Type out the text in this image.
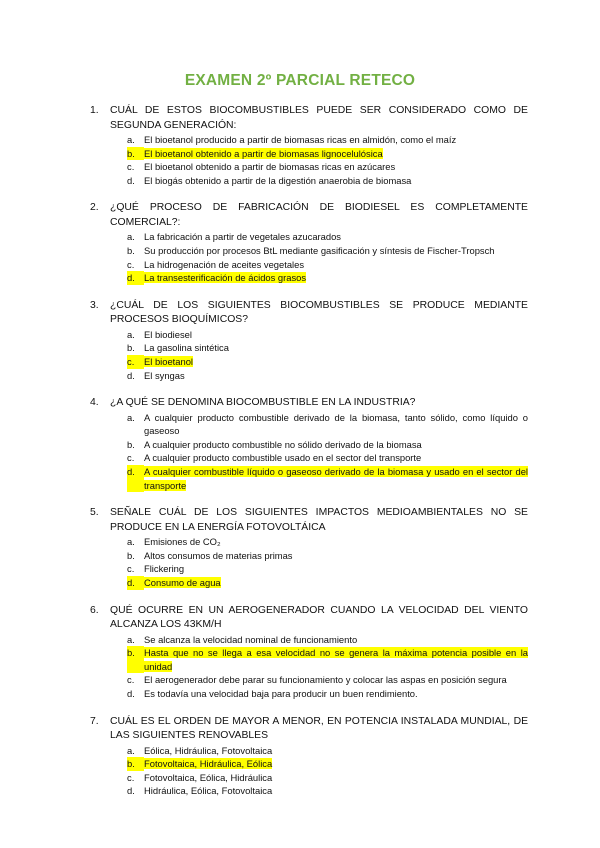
EXAMEN 2º PARCIAL RETECO
1.	CUÁL DE ESTOS BIOCOMBUSTIBLES PUEDE SER CONSIDERADO COMO DE SEGUNDA GENERACIÓN:
a. El bioetanol producido a partir de biomasas ricas en almidón, como el maíz
b. El bioetanol obtenido a partir de biomasas lignocelulósica
c.	El bioetanol obtenido a partir de biomasas ricas en azúcares
d. El biogás obtenido a partir de la digestión anaerobia de biomasa
2.	¿QUÉ PROCESO DE FABRICACIÓN DE BIODIESEL ES COMPLETAMENTE COMERCIAL?:
a. La fabricación a partir de vegetales azucarados
b. Su producción por procesos BtL mediante gasificación y síntesis de Fischer-Tropsch
c.	La hidrogenación de aceites vegetales
d. La transesterificación de ácidos grasos
3.	¿CUÁL DE LOS SIGUIENTES BIOCOMBUSTIBLES SE PRODUCE MEDIANTE PROCESOS BIOQUÍMICOS?
a. El biodiesel
b. La gasolina sintética
c.	El bioetanol
d. El syngas
4.	¿A QUÉ SE DENOMINA BIOCOMBUSTIBLE EN LA INDUSTRIA?
a. A cualquier producto combustible derivado de la biomasa, tanto sólido, como líquido o gaseoso
b. A cualquier producto combustible no sólido derivado de la biomasa
c.	A cualquier producto combustible usado en el sector del transporte
d. A cualquier combustible líquido o gaseoso derivado de la biomasa y usado en el sector del transporte
5.	SEÑALE CUÁL DE LOS SIGUIENTES IMPACTOS MEDIOAMBIENTALES NO SE PRODUCE EN LA ENERGÍA FOTOVOLTÁICA
a. Emisiones de CO₂
b. Altos consumos de materias primas
c.	Flickering
d. Consumo de agua
6.	QUÉ OCURRE EN UN AEROGENERADOR CUANDO LA VELOCIDAD DEL VIENTO ALCANZA LOS 43KM/H
a. Se alcanza la velocidad nominal de funcionamiento
b. Hasta que no se llega a esa velocidad no se genera la máxima potencia posible en la unidad
c.	El aerogenerador debe parar su funcionamiento y colocar las aspas en posición segura
d. Es todavía una velocidad baja para producir un buen rendimiento.
7.	CUÁL ES EL ORDEN DE MAYOR A MENOR, EN POTENCIA INSTALADA MUNDIAL, DE LAS SIGUIENTES RENOVABLES
a. Eólica, Hidráulica, Fotovoltaica
b. Fotovoltaica, Hidráulica, Eólica
c.	Fotovoltaica, Eólica, Hidráulica
d. Hidráulica, Eólica, Fotovoltaica
